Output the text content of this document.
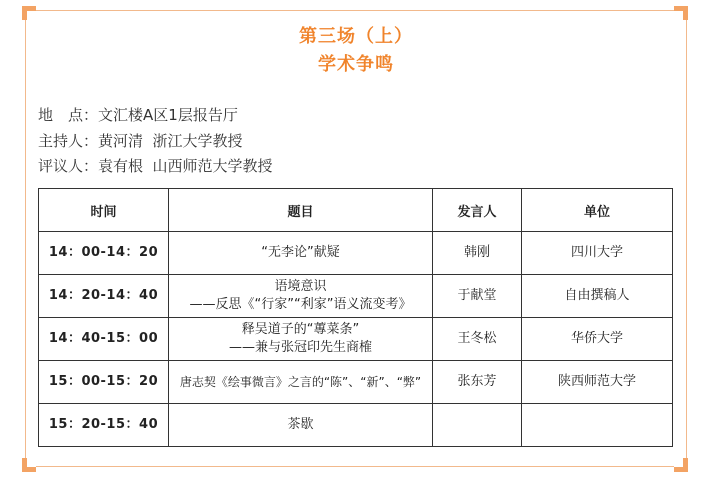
第三场（上）
学术争鸣
地　点：文汇楼A区1层报告厅
主持人：黄河清  浙江大学教授
评议人：袁有根  山西师范大学教授
时间	题目	发言人	单位
14：00-14：20	“无李论”献疑	韩刚	四川大学
14：20-14：40	语境意识
——反思《“行家”“利家”语义流变考》	于献堂	自由撰稿人
14：40-15：00	释吴道子的“蓴菜条”
——兼与张冠印先生商榷	王冬松	华侨大学
15：00-15：20	唐志契《绘事微言》之言的“陈”、“新”、“弊”	张东芳	陕西师范大学
15：20-15：40	茶歇		
